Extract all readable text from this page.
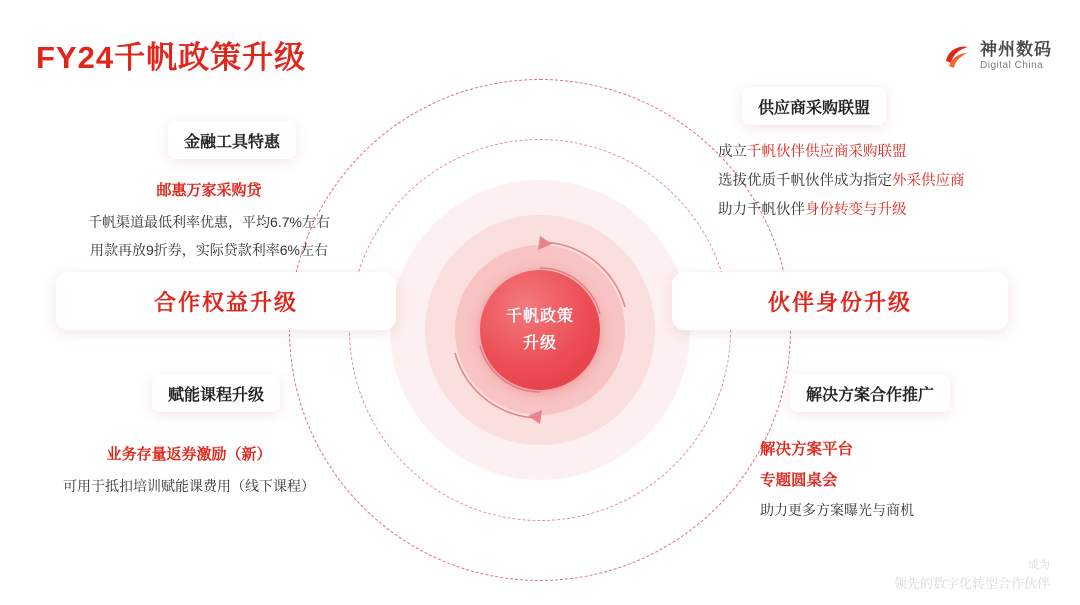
FY24千帆政策升级	神州数码
Digital China
千帆政策
升级
合作权益升级	伙伴身份升级
金融工具特惠
邮惠万家采购贷
千帆渠道最低利率优惠，平均6.7%左右
用款再放9折券，实际贷款利率6%左右
赋能课程升级
业务存量返券激励（新）
可用于抵扣培训赋能课费用（线下课程）
供应商采购联盟
成立千帆伙伴供应商采购联盟
选拔优质千帆伙伴成为指定外采供应商
助力千帆伙伴身份转变与升级
解决方案合作推广
解决方案平台
专题圆桌会
助力更多方案曝光与商机
成为
领先的数字化转型合作伙伴
